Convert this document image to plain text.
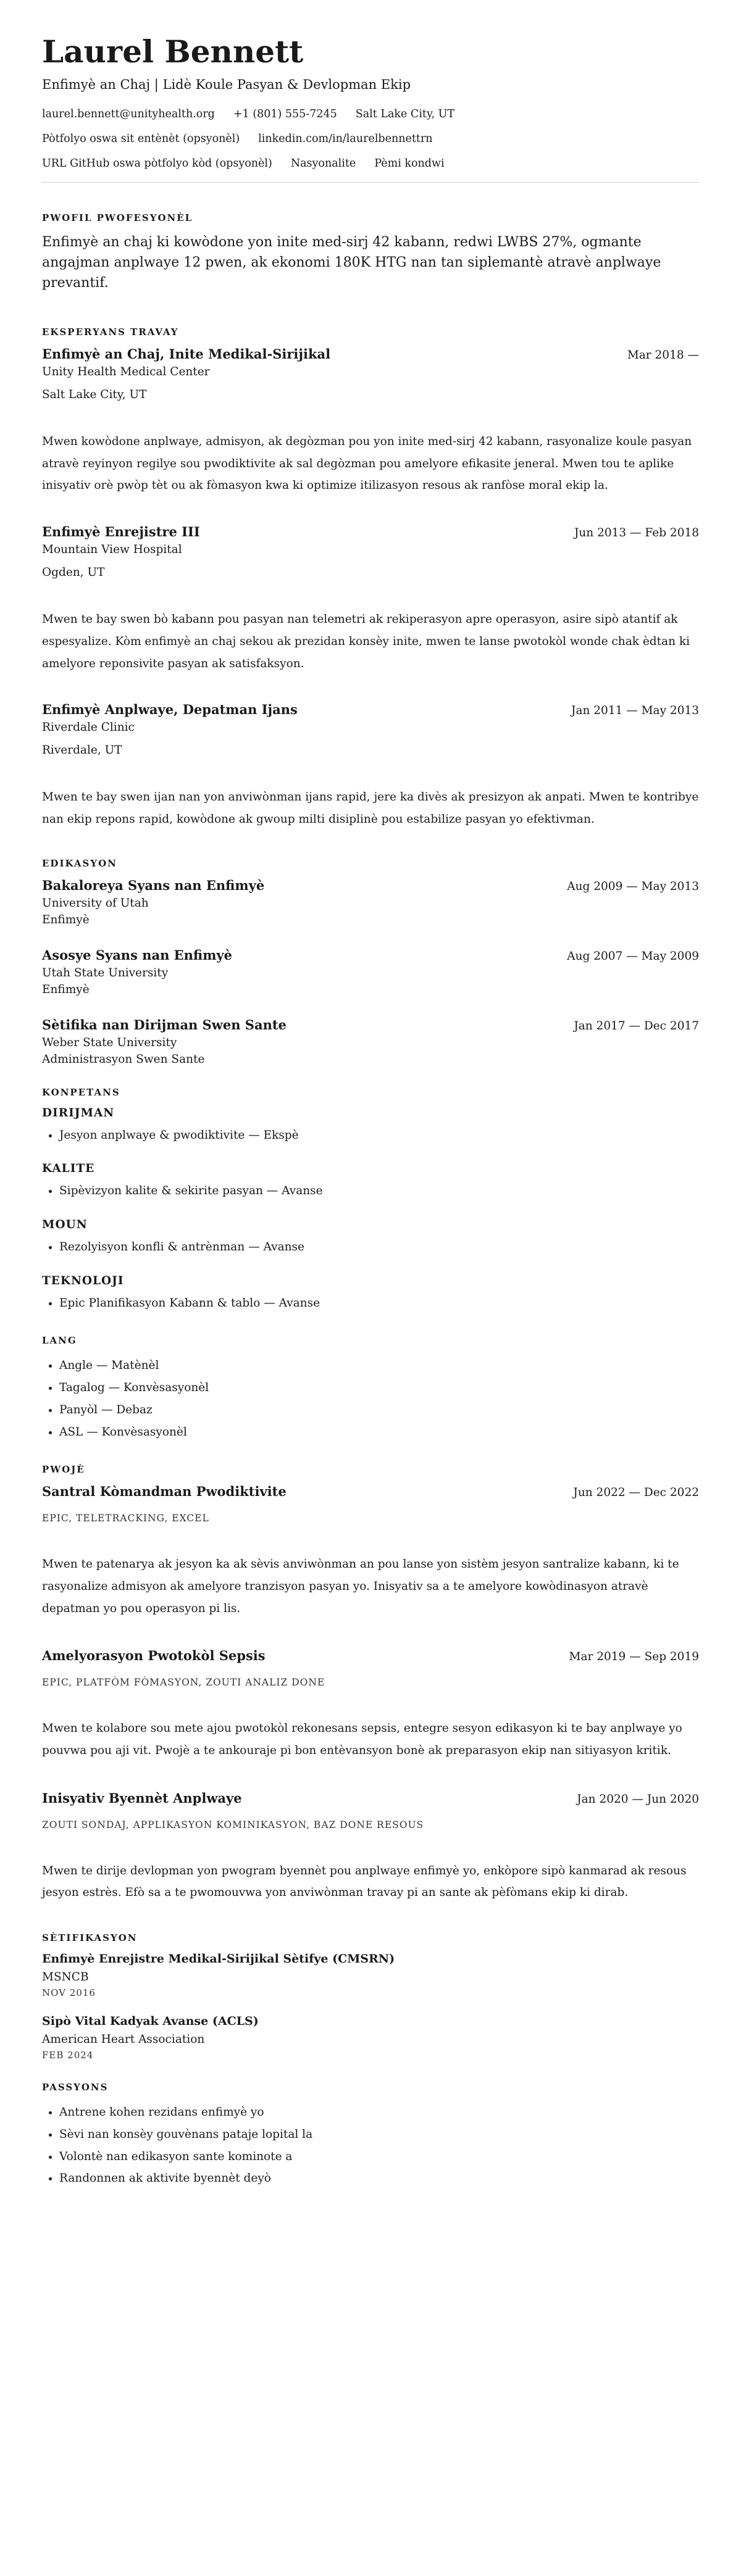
Laurel Bennett
Enfimyè an Chaj | Lidè Koule Pasyan & Devlopman Ekip
laurel.bennett@unityhealth.org +1 (801) 555-7245 Salt Lake City, UT
Pòtfolyo oswa sit entènèt (opsyonèl) linkedin.com/in/laurelbennettrn
URL GitHub oswa pòtfolyo kòd (opsyonèl) Nasyonalite Pèmi kondwi
PWOFIL PWOFESYONÈL

Enfimyè an chaj ki kowòdone yon inite med-sirj 42 kabann, redwi LWBS 27%, ogmante angajman anplwaye 12 pwen, ak ekonomi 180K HTG nan tan siplemantè atravè anplwaye prevantif.

EKSPERYANS TRAVAY
Enfimyè an Chaj, Inite Medikal-Sirijikal	Mar 2018 —
Unity Health Medical Center
Salt Lake City, UT

Mwen kowòdone anplwaye, admisyon, ak degòzman pou yon inite med-sirj 42 kabann, rasyonalize koule pasyan atravè reyinyon regilye sou pwodiktivite ak sal degòzman pou amelyore efikasite jeneral. Mwen tou te aplike inisyativ orè pwòp tèt ou ak fòmasyon kwa ki optimize itilizasyon resous ak ranfòse moral ekip la.

Enfimyè Enrejistre III	Jun 2013 — Feb 2018
Mountain View Hospital
Ogden, UT

Mwen te bay swen bò kabann pou pasyan nan telemetri ak rekiperasyon apre operasyon, asire sipò atantif ak espesyalize. Kòm enfimyè an chaj sekou ak prezidan konsèy inite, mwen te lanse pwotokòl wonde chak èdtan ki amelyore reponsivite pasyan ak satisfaksyon.

Enfimyè Anplwaye, Depatman Ijans	Jan 2011 — May 2013
Riverdale Clinic
Riverdale, UT

Mwen te bay swen ijan nan yon anviwònman ijans rapid, jere ka divès ak presizyon ak anpati. Mwen te kontribye nan ekip repons rapid, kowòdone ak gwoup milti disiplinè pou estabilize pasyan yo efektivman.

EDIKASYON
Bakaloreya Syans nan Enfimyè	Aug 2009 — May 2013
University of Utah
Enfimyè
Asosye Syans nan Enfimyè	Aug 2007 — May 2009
Utah State University
Enfimyè
Sètifika nan Dirijman Swen Sante	Jan 2017 — Dec 2017
Weber State University
Administrasyon Swen Sante
KONPETANS
DIRIJMAN
• Jesyon anplwaye & pwodiktivite — Ekspè
KALITE
• Sipèvizyon kalite & sekirite pasyan — Avanse
MOUN
• Rezolyisyon konfli & antrènman — Avanse
TEKNOLOJI
• Epic Planifikasyon Kabann & tablo — Avanse
LANG
• Angle — Matènèl
• Tagalog — Konvèsasyonèl
• Panyòl — Debaz
• ASL — Konvèsasyonèl
PWOJÈ
Santral Kòmandman Pwodiktivite	Jun 2022 — Dec 2022
EPIC, TELETRACKING, EXCEL

Mwen te patenarya ak jesyon ka ak sèvis anviwònman an pou lanse yon sistèm jesyon santralize kabann, ki te rasyonalize admisyon ak amelyore tranzisyon pasyan yo. Inisyativ sa a te amelyore kowòdinasyon atravè depatman yo pou operasyon pi lis.

Amelyorasyon Pwotokòl Sepsis	Mar 2019 — Sep 2019
EPIC, PLATFÒM FÒMASYON, ZOUTI ANALIZ DONE

Mwen te kolabore sou mete ajou pwotokòl rekonesans sepsis, entegre sesyon edikasyon ki te bay anplwaye yo pouvwa pou aji vit. Pwojè a te ankouraje pi bon entèvansyon bonè ak preparasyon ekip nan sitiyasyon kritik.

Inisyativ Byennèt Anplwaye	Jan 2020 — Jun 2020
ZOUTI SONDAJ, APPLIKASYON KOMINIKASYON, BAZ DONE RESOUS

Mwen te dirije devlopman yon pwogram byennèt pou anplwaye enfimyè yo, enkòpore sipò kanmarad ak resous jesyon estrès. Efò sa a te pwomouvwa yon anviwònman travay pi an sante ak pèfòmans ekip ki dirab.

SÈTIFIKASYON
Enfimyè Enrejistre Medikal-Sirijikal Sètifye (CMSRN)
MSNCB
NOV 2016
Sipò Vital Kadyak Avanse (ACLS)
American Heart Association
FEB 2024
PASSYONS
• Antrene kohen rezidans enfimyè yo
• Sèvi nan konsèy gouvènans pataje lopital la
• Volontè nan edikasyon sante kominote a
• Randonnen ak aktivite byennèt deyò
